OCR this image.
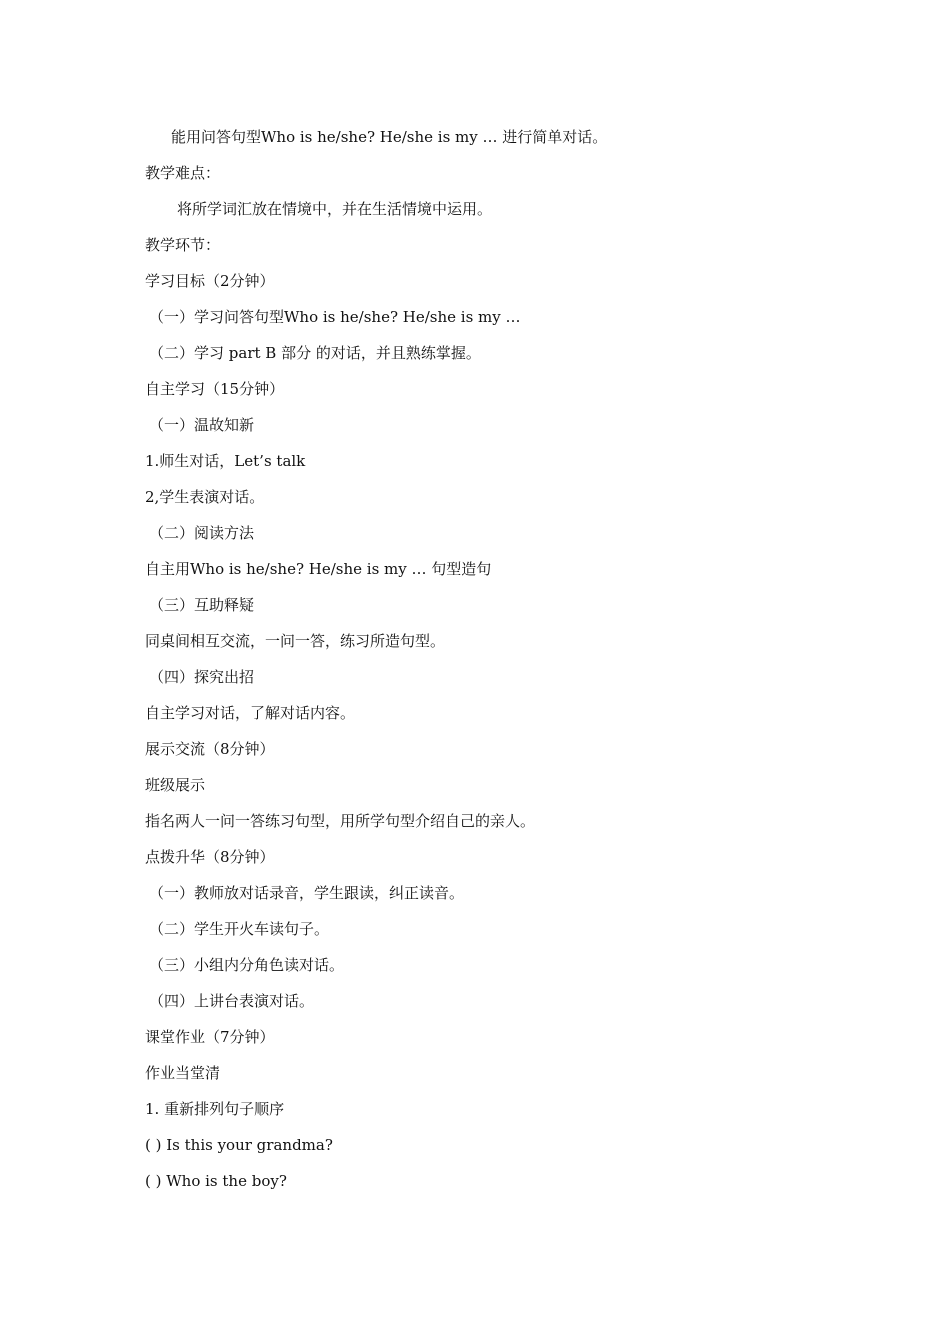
能用问答句型Who is he/she? He/she is my … 进行简单对话。
教学难点：
将所学词汇放在情境中，并在生活情境中运用。
教学环节：
学习目标（2分钟）
（一）学习问答句型Who is he/she? He/she is my …
（二）学习 part B 部分 的对话，并且熟练掌握。
自主学习（15分钟）
（一）温故知新
1.师生对话，Let’s talk
2,学生表演对话。
（二）阅读方法
自主用Who is he/she? He/she is my … 句型造句
（三）互助释疑
同桌间相互交流，一问一答，练习所造句型。
（四）探究出招
自主学习对话，了解对话内容。
展示交流（8分钟）
班级展示
指名两人一问一答练习句型，用所学句型介绍自己的亲人。
点拨升华（8分钟）
（一）教师放对话录音，学生跟读，纠正读音。
（二）学生开火车读句子。
（三）小组内分角色读对话。
（四）上讲台表演对话。
课堂作业（7分钟）
作业当堂清
1. 重新排列句子顺序
( ) Is this your grandma?
( ) Who is the boy?
